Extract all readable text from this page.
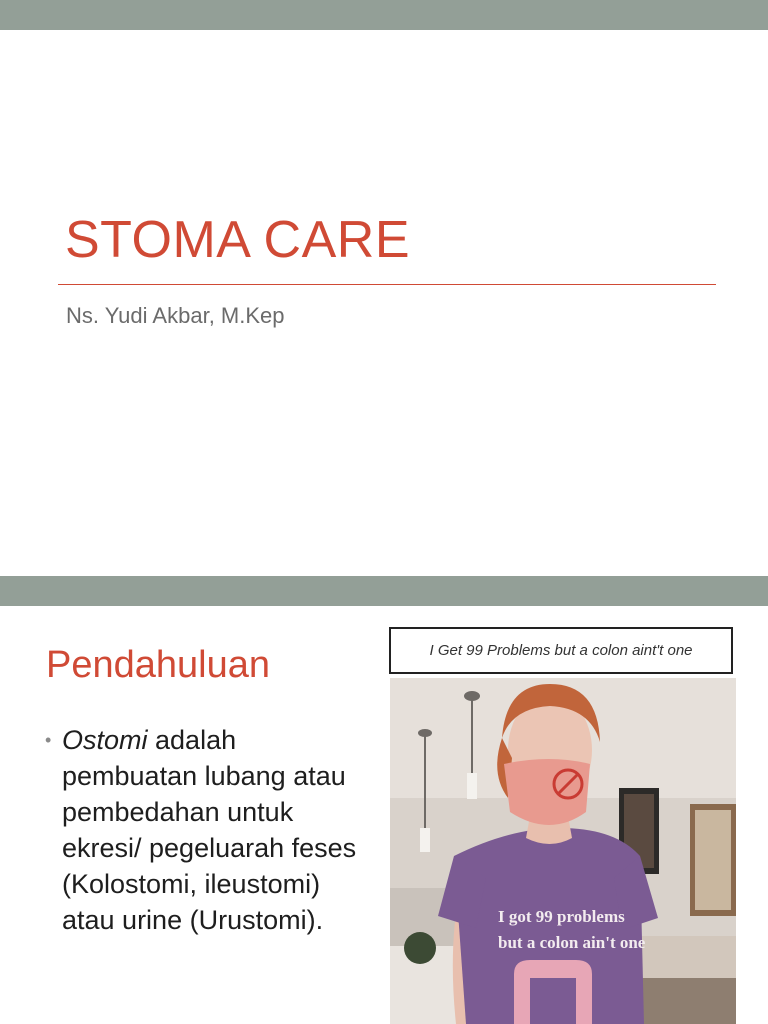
STOMA CARE

Ns. Yudi Akbar, M.Kep

Pendahuluan
• Ostomi adalah pembuatan lubang atau pembedahan untuk ekresi/ pegeluarah feses (Kolostomi, ileustomi) atau urine (Urustomi).
I Get 99 Problems but a colon aint't one
I got 99 problems
but a colon ain't one
